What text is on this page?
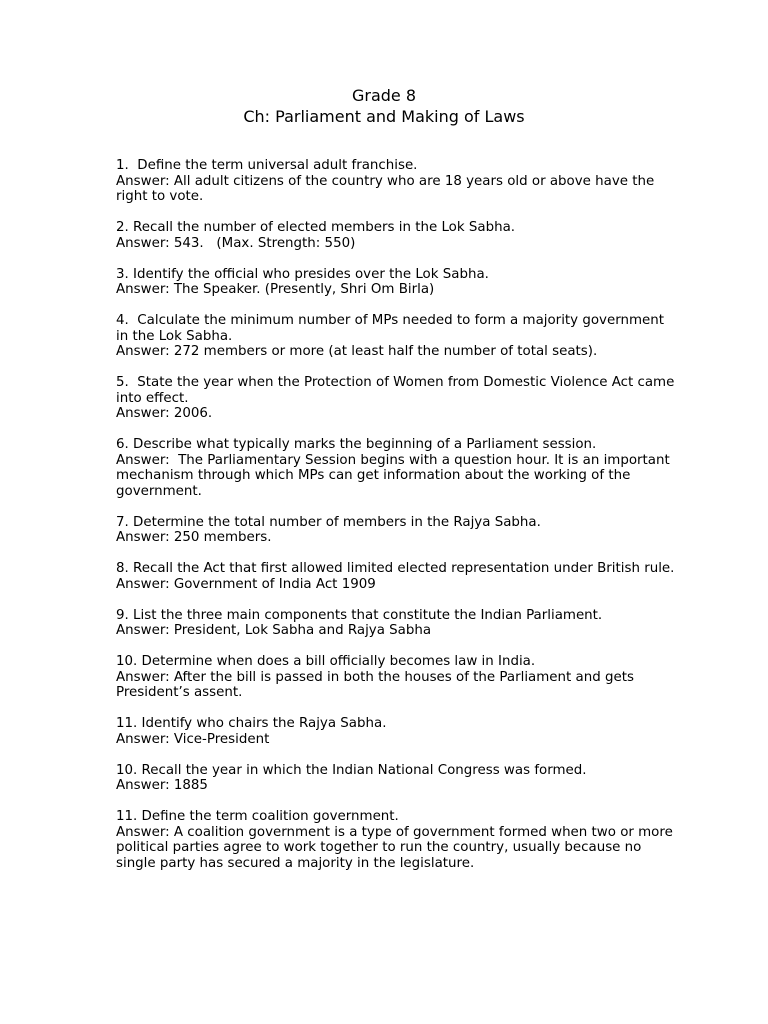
Grade 8
Ch: Parliament and Making of Laws

1.  Define the term universal adult franchise.

Answer: All adult citizens of the country who are 18 years old or above have the right to vote.

2. Recall the number of elected members in the Lok Sabha.

Answer: 543.   (Max. Strength: 550)

3. Identify the official who presides over the Lok Sabha.

Answer: The Speaker. (Presently, Shri Om Birla)

4.  Calculate the minimum number of MPs needed to form a majority government in the Lok Sabha.

Answer: 272 members or more (at least half the number of total seats).

5.  State the year when the Protection of Women from Domestic Violence Act came into effect.

Answer: 2006.

6. Describe what typically marks the beginning of a Parliament session.

Answer:  The Parliamentary Session begins with a question hour. It is an important mechanism through which MPs can get information about the working of the government.

7. Determine the total number of members in the Rajya Sabha.

Answer: 250 members.

8. Recall the Act that first allowed limited elected representation under British rule.

Answer: Government of India Act 1909

9. List the three main components that constitute the Indian Parliament.

Answer: President, Lok Sabha and Rajya Sabha

10. Determine when does a bill officially becomes law in India.

Answer: After the bill is passed in both the houses of the Parliament and gets President’s assent.

11. Identify who chairs the Rajya Sabha.

Answer: Vice-President

10. Recall the year in which the Indian National Congress was formed.

Answer: 1885

11. Define the term coalition government.

Answer: A coalition government is a type of government formed when two or more political parties agree to work together to run the country, usually because no single party has secured a majority in the legislature.
